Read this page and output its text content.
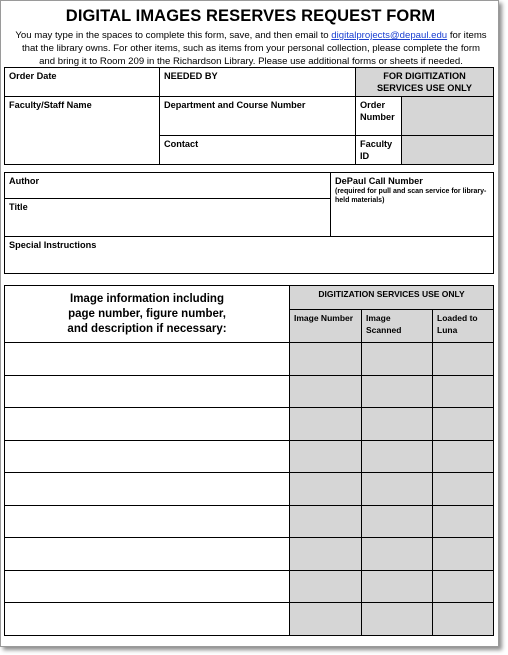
DIGITAL IMAGES RESERVES REQUEST FORM
You may type in the spaces to complete this form, save, and then email to digitalprojects@depaul.edu for items that the library owns. For other items, such as items from your personal collection, please complete the form and bring it to Room 209 in the Richardson Library. Please use additional forms or sheets if needed.
Order Date	NEEDED BY	FOR DIGITIZATION SERVICES USE ONLY	
Faculty/Staff Name	Department and Course Number	Order Number	
	Contact	Faculty ID	
Author	DePaul Call Number
(required for pull and scan service for library-held materials)

Title
Special Instructions
Image information including page number, figure number, and description if necessary:	DIGITIZATION SERVICES USE ONLY		
	Image Number	Image Scanned	Loaded to Luna
